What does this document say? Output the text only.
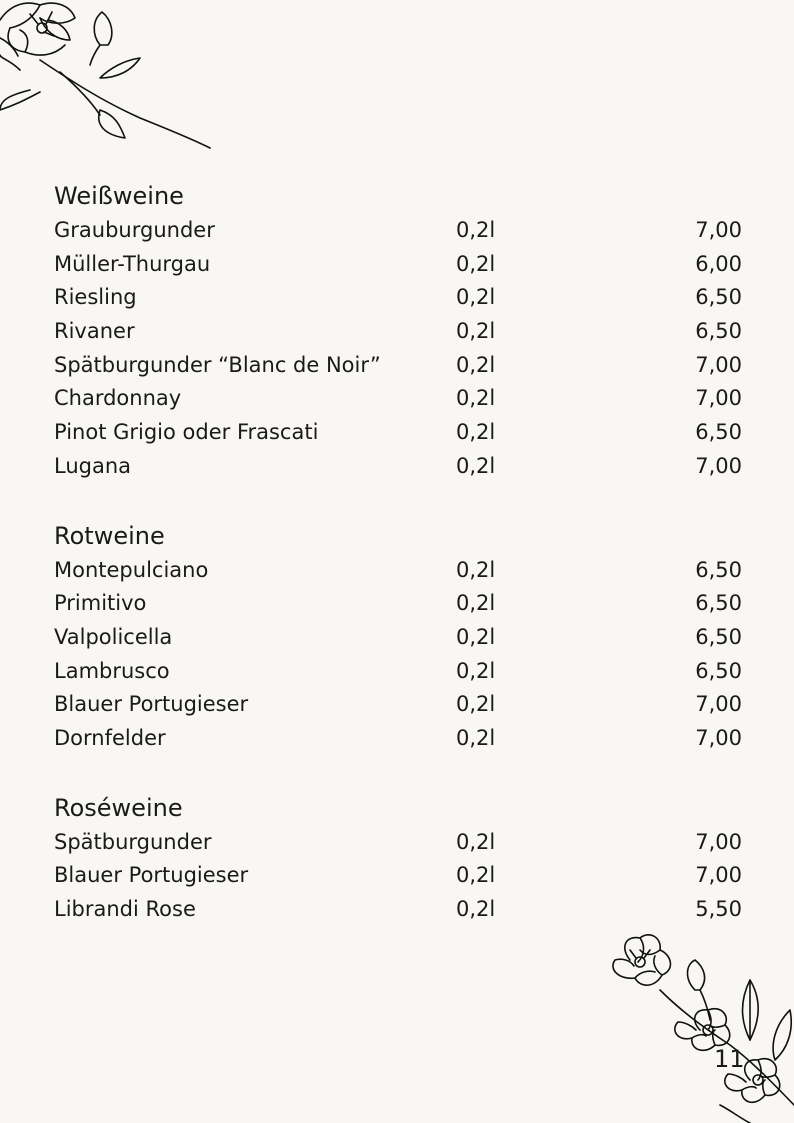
Weißweine
Grauburgunder	0,2l	7,00
Müller-Thurgau	0,2l	6,00
Riesling	0,2l	6,50
Rivaner	0,2l	6,50
Spätburgunder “Blanc de Noir”	0,2l	7,00
Chardonnay	0,2l	7,00
Pinot Grigio oder Frascati	0,2l	6,50
Lugana	0,2l	7,00
Rotweine
Montepulciano	0,2l	6,50
Primitivo	0,2l	6,50
Valpolicella	0,2l	6,50
Lambrusco	0,2l	6,50
Blauer Portugieser	0,2l	7,00
Dornfelder	0,2l	7,00
Roséweine
Spätburgunder	0,2l	7,00
Blauer Portugieser	0,2l	7,00
Librandi Rose	0,2l	5,50
11
